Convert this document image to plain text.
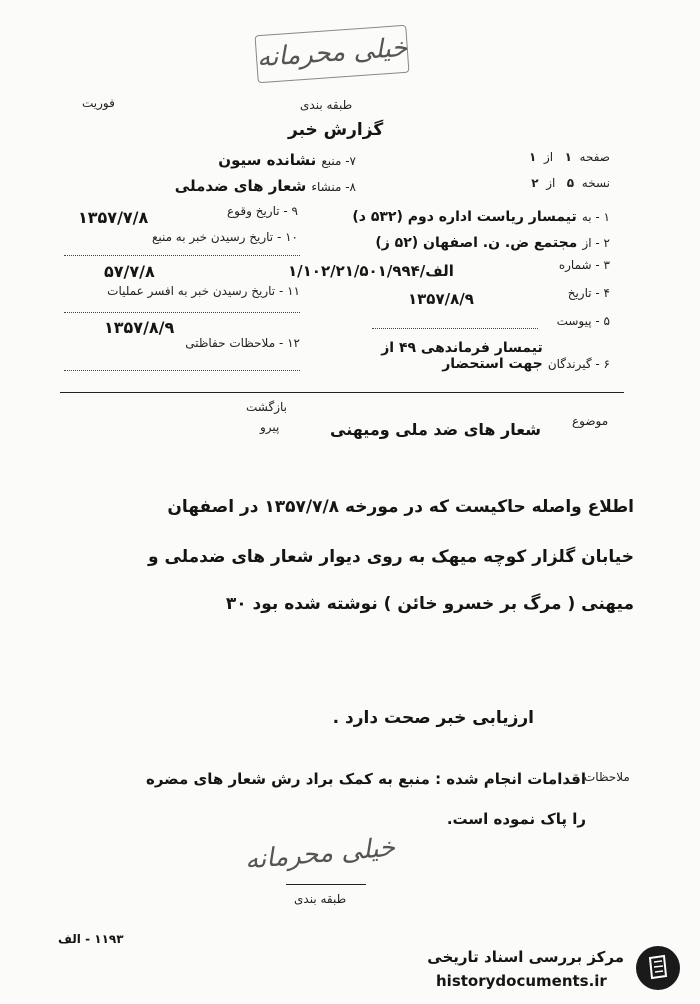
خیلی محرمانه
فوریت	طبقه بندی
گزارش خبر
صفحه  ۱   از  ۱
نسخه  ۵   از  ۲
۷- منبع نشانده سیون
۸- منشاء شعار های ضدملی
۹ - تاریخ وقوع
۱۳۵۷/۷/۸
۱۰ - تاریخ رسیدن خبر به منبع
۵۷/۷/۸
۱۱ - تاریخ رسیدن خبر به افسر عملیات
۱۳۵۷/۸/۹
۱۲ - ملاحظات حفاظتی
۱ - به تیمسار ریاست اداره دوم (۵۳۲ د)
۲ - از مجتمع ض. ن. اصفهان (۵۲ ز)
۳ - شماره
۱/۱۰۲/۲۱/۵۰۱/الف/۹۹۴
۴ - تاریخ
۱۳۵۷/۸/۹
۵ - پیوست
۶ - گیرندگان تیمسار فرماندهی ۴۹ از جهت استحضار
بازگشت
پیرو	موضوع
شعار های ضد ملی ومیهنی
اطلاع واصله حاکیست که در مورخه ۱۳۵۷/۷/۸ در اصفهان
خیابان گلزار کوچه میهک به روی دیوار شعار های ضدملی و
میهنی ( مرگ بر خسرو خائن ) نوشته شده بود ۳۰
ارزیابی خبر صحت دارد .
ملاحظات
اقدامات انجام شده : منبع به کمک براد رش شعار های مضره
را پاک نموده است.
خیلی محرمانه
طبقه بندی
۱۱۹۳ - الف
مرکز بررسی اسناد تاریخی
historydocuments.ir
